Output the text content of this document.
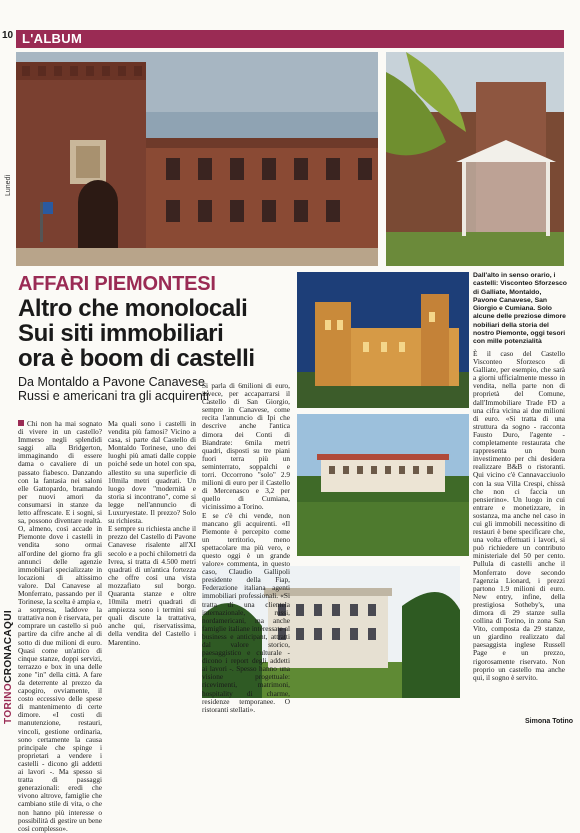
10 L'ALBUM
Lunedì
AFFARI PIEMONTESI
Altro che monolocali
Sui siti immobiliari
ora è boom di castelli
Da Montaldo a Pavone Canavese
Russi e americani tra gli acquirenti
Dall'alto in senso orario, i castelli: Visconteo Sforzesco di Galliate, Montaldo, Pavone Canavese, San Giorgio e Cumiana. Solo alcune delle preziose dimore nobiliari della storia del nostro Piemonte, oggi tesori con mille potenzialità

Chi non ha mai sognato di vivere in un castello? Immerso negli splendidi saggi alla Bridgerton, immaginando di essere dama o cavaliere di un passato fiabesco. Danzando con la fantasia nei saloni elle Gattopardo, bramando per nuovi amori da consumarsi in stanze da letto affrescate. E i sogni, si sa, possono diventare realtà. O, almeno, così accade in Piemonte dove i castelli in vendita sono ormai all'ordine del giorno fra gli annunci delle agenzie immobiliari specializzate in locazioni di altissimo valore. Dal Canavese al Monferrato, passando per il Torinese, la scelta è ampia e, a sorpresa, laddove la trattativa non è riservata, per comprare un castello si può partire da cifre anche al di sotto di due milioni di euro. Quasi come un'attico di cinque stanze, doppi servizi, terrazzo e box in una delle zone "in" della città. A fare da deterrente al prezzo da capogiro, ovviamente, il costo eccessivo delle spese di mantenimento di certe dimore. «I costi di manutenzione, restauri, vincoli, gestione ordinaria, sono certamente la causa principale che spinge i proprietari a vendere i castelli - dicono gli addetti ai lavori -. Ma spesso si tratta di passaggi generazionali: eredi che vivono altrove, famiglie che cambiano stile di vita, o che non hanno più interesse o possibilità di gestire un bene così complesso».

Ma quali sono i castelli in vendita più famosi? Vicino a casa, si parte dal Castello di Montaldo Torinese, uno dei luoghi più amati dalle coppie poiché sede un hotel con spa, allestito su una superficie di 10mila metri quadrati. Un luogo dove "modernità e storia si incontrano", come si legge nell'annuncio di Luxuryestate. Il prezzo? Solo su richiesta.

E sempre su richiesta anche il prezzo del Castello di Pavone Canavese risalente all'XI secolo e a pochi chilometri da Ivrea, si tratta di 4.500 metri quadrati di un'antica fortezza che offre così una vista mozzafiato sul borgo. Quaranta stanze e oltre 10mila metri quadrati di ampiezza sono i termini sui quali discute la trattativa, anche qui, riservatissima, della vendita del Castello i Marentino.

Si parla di 6milioni di euro, invece, per accaparrarsi il Castello di San Giorgio, sempre in Canavese, come recita l'annuncio di Ipi che descrive anche l'antica dimora dei Conti di Biandrate: 6mila metri quadri, disposti su tre piani fuori terra più un seminterrato, soppalchi e torri. Occorrono "solo" 2.9 milioni di euro per il Castello di Mercenasco e 3,2 per quello di Cumiana, vicinissimo a Torino.

E se c'è chi vende, non mancano gli acquirenti. «Il Piemonte è percepito come un territorio, meno spettacolare ma più vero, e questo oggi è un grande valore» commenta, in questo caso, Claudio Gallipoli presidente della Fiap, Federazione italiana agenti immobiliari professionali. «Si tratta di una clientela internazionale, russi, nordamericani, ma anche famiglie italiane interessate al business e anticipant, attratti dal valore storico, paesaggistico e culturale - dicono i report degli addetti ai lavori -. Spesso hanno una visione progettuale: ricevimenti, matrimoni, hospitality di charme, residenze temporanee. O ristoranti stellati».

È il caso del Castello Visconteo Sforzesco di Galliate, per esempio, che sarà a giorni ufficialmente messo in vendita, nella parte non di proprietà del Comune, dall'Immobiliare Trade FD a una cifra vicina ai due milioni di euro. «Si tratta di una struttura da sogno - racconta Fausto Duro, l'agente - completamente restaurata che rappresenta un buon investimento per chi desidera realizzare B&B o ristoranti. Qui vicino c'è Cannavacciuolo con la sua Villa Crespi, chissà che non ci faccia un pensierino». Un luogo in cui entrare e monetizzare, in sostanza, ma anche nel caso in cui gli immobili necessitino di restauri è bene specificare che, una volta effettuati i lavori, si può richiedere un contributo ministeriale del 50 per cento. Pullula di castelli anche il Monferrato dove secondo l'agenzia Lionard, i prezzi partono 1.9 milioni di euro. New entry, infine, della prestigiosa Sotheby's, una dimora di 29 stanze sulla collina di Torino, in zona San Vito, composta da 29 stanze, un giardino realizzato dal paesaggista inglese Russell Page e un prezzo, rigorosamente riservato. Non proprio un castello ma anche qui, il sogno è servito.

Simona Totino
TORINOCRONACAQUI
